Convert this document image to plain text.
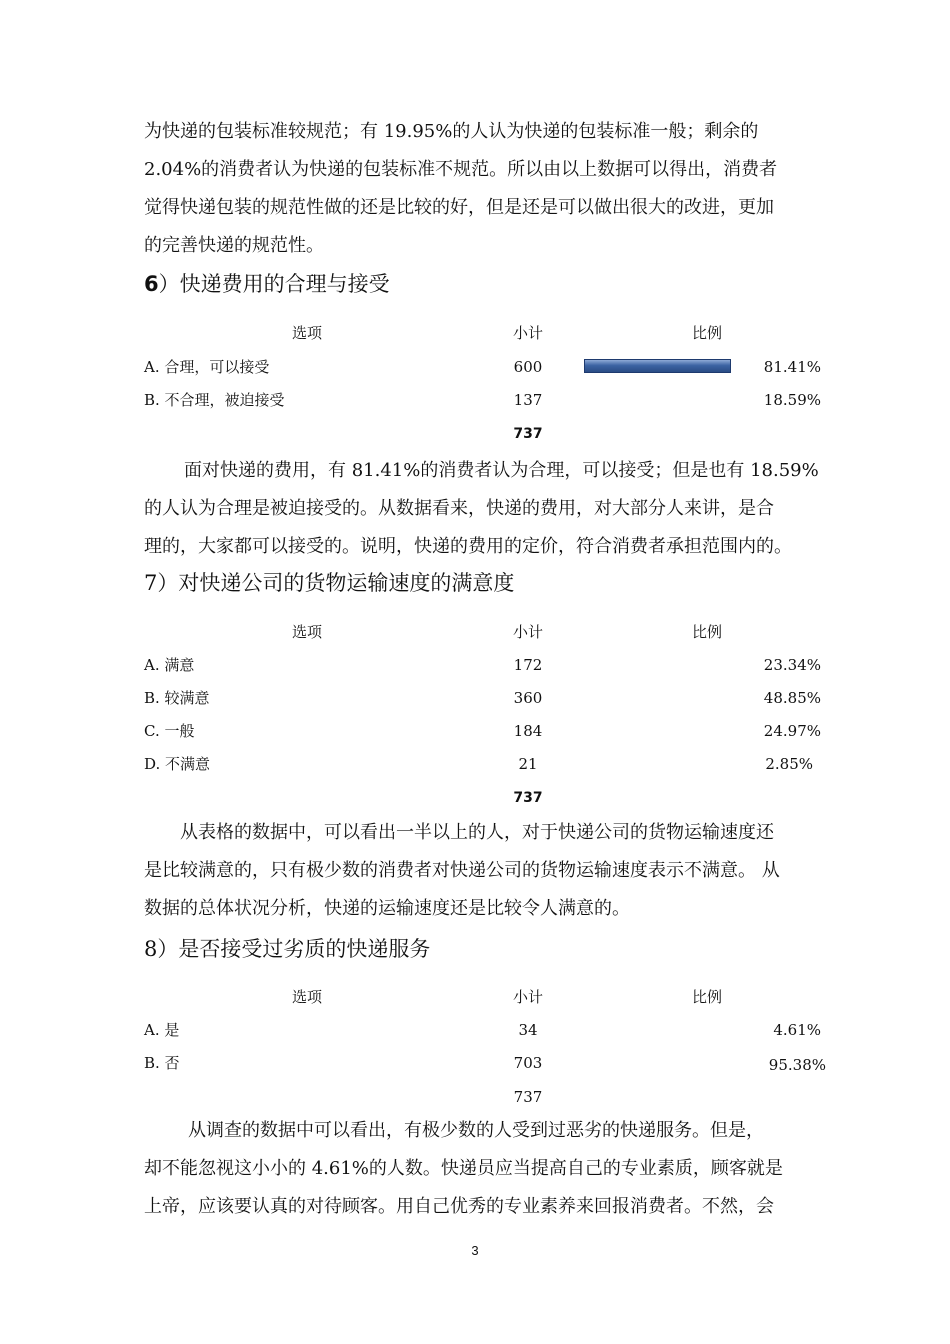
为快递的包装标准较规范；有 19.95%的人认为快递的包装标准一般；剩余的
2.04%的消费者认为快递的包装标准不规范。所以由以上数据可以得出，消费者
觉得快递包装的规范性做的还是比较的好，但是还是可以做出很大的改进，更加
的完善快递的规范性。
6）快递费用的合理与接受
选项	小计	比例
A. 合理，可以接受	600	81.41%
B. 不合理，被迫接受	137	18.59%
737
面对快递的费用，有 81.41%的消费者认为合理，可以接受；但是也有 18.59%
的人认为合理是被迫接受的。从数据看来，快递的费用，对大部分人来讲，是合
理的，大家都可以接受的。说明，快递的费用的定价，符合消费者承担范围内的。
7）对快递公司的货物运输速度的满意度
选项	小计	比例
A. 满意	172	23.34%
B. 较满意	360	48.85%
C. 一般	184	24.97%
D. 不满意	21	2.85%
737
从表格的数据中，可以看出一半以上的人，对于快递公司的货物运输速度还
是比较满意的，只有极少数的消费者对快递公司的货物运输速度表示不满意。 从
数据的总体状况分析，快递的运输速度还是比较令人满意的。
8）是否接受过劣质的快递服务
选项	小计	比例
A. 是	34	4.61%
B. 否	703	95.38%
737
从调查的数据中可以看出，有极少数的人受到过恶劣的快递服务。但是，
却不能忽视这小小的 4.61%的人数。快递员应当提高自己的专业素质，顾客就是
上帝，应该要认真的对待顾客。用自己优秀的专业素养来回报消费者。不然，会
3
